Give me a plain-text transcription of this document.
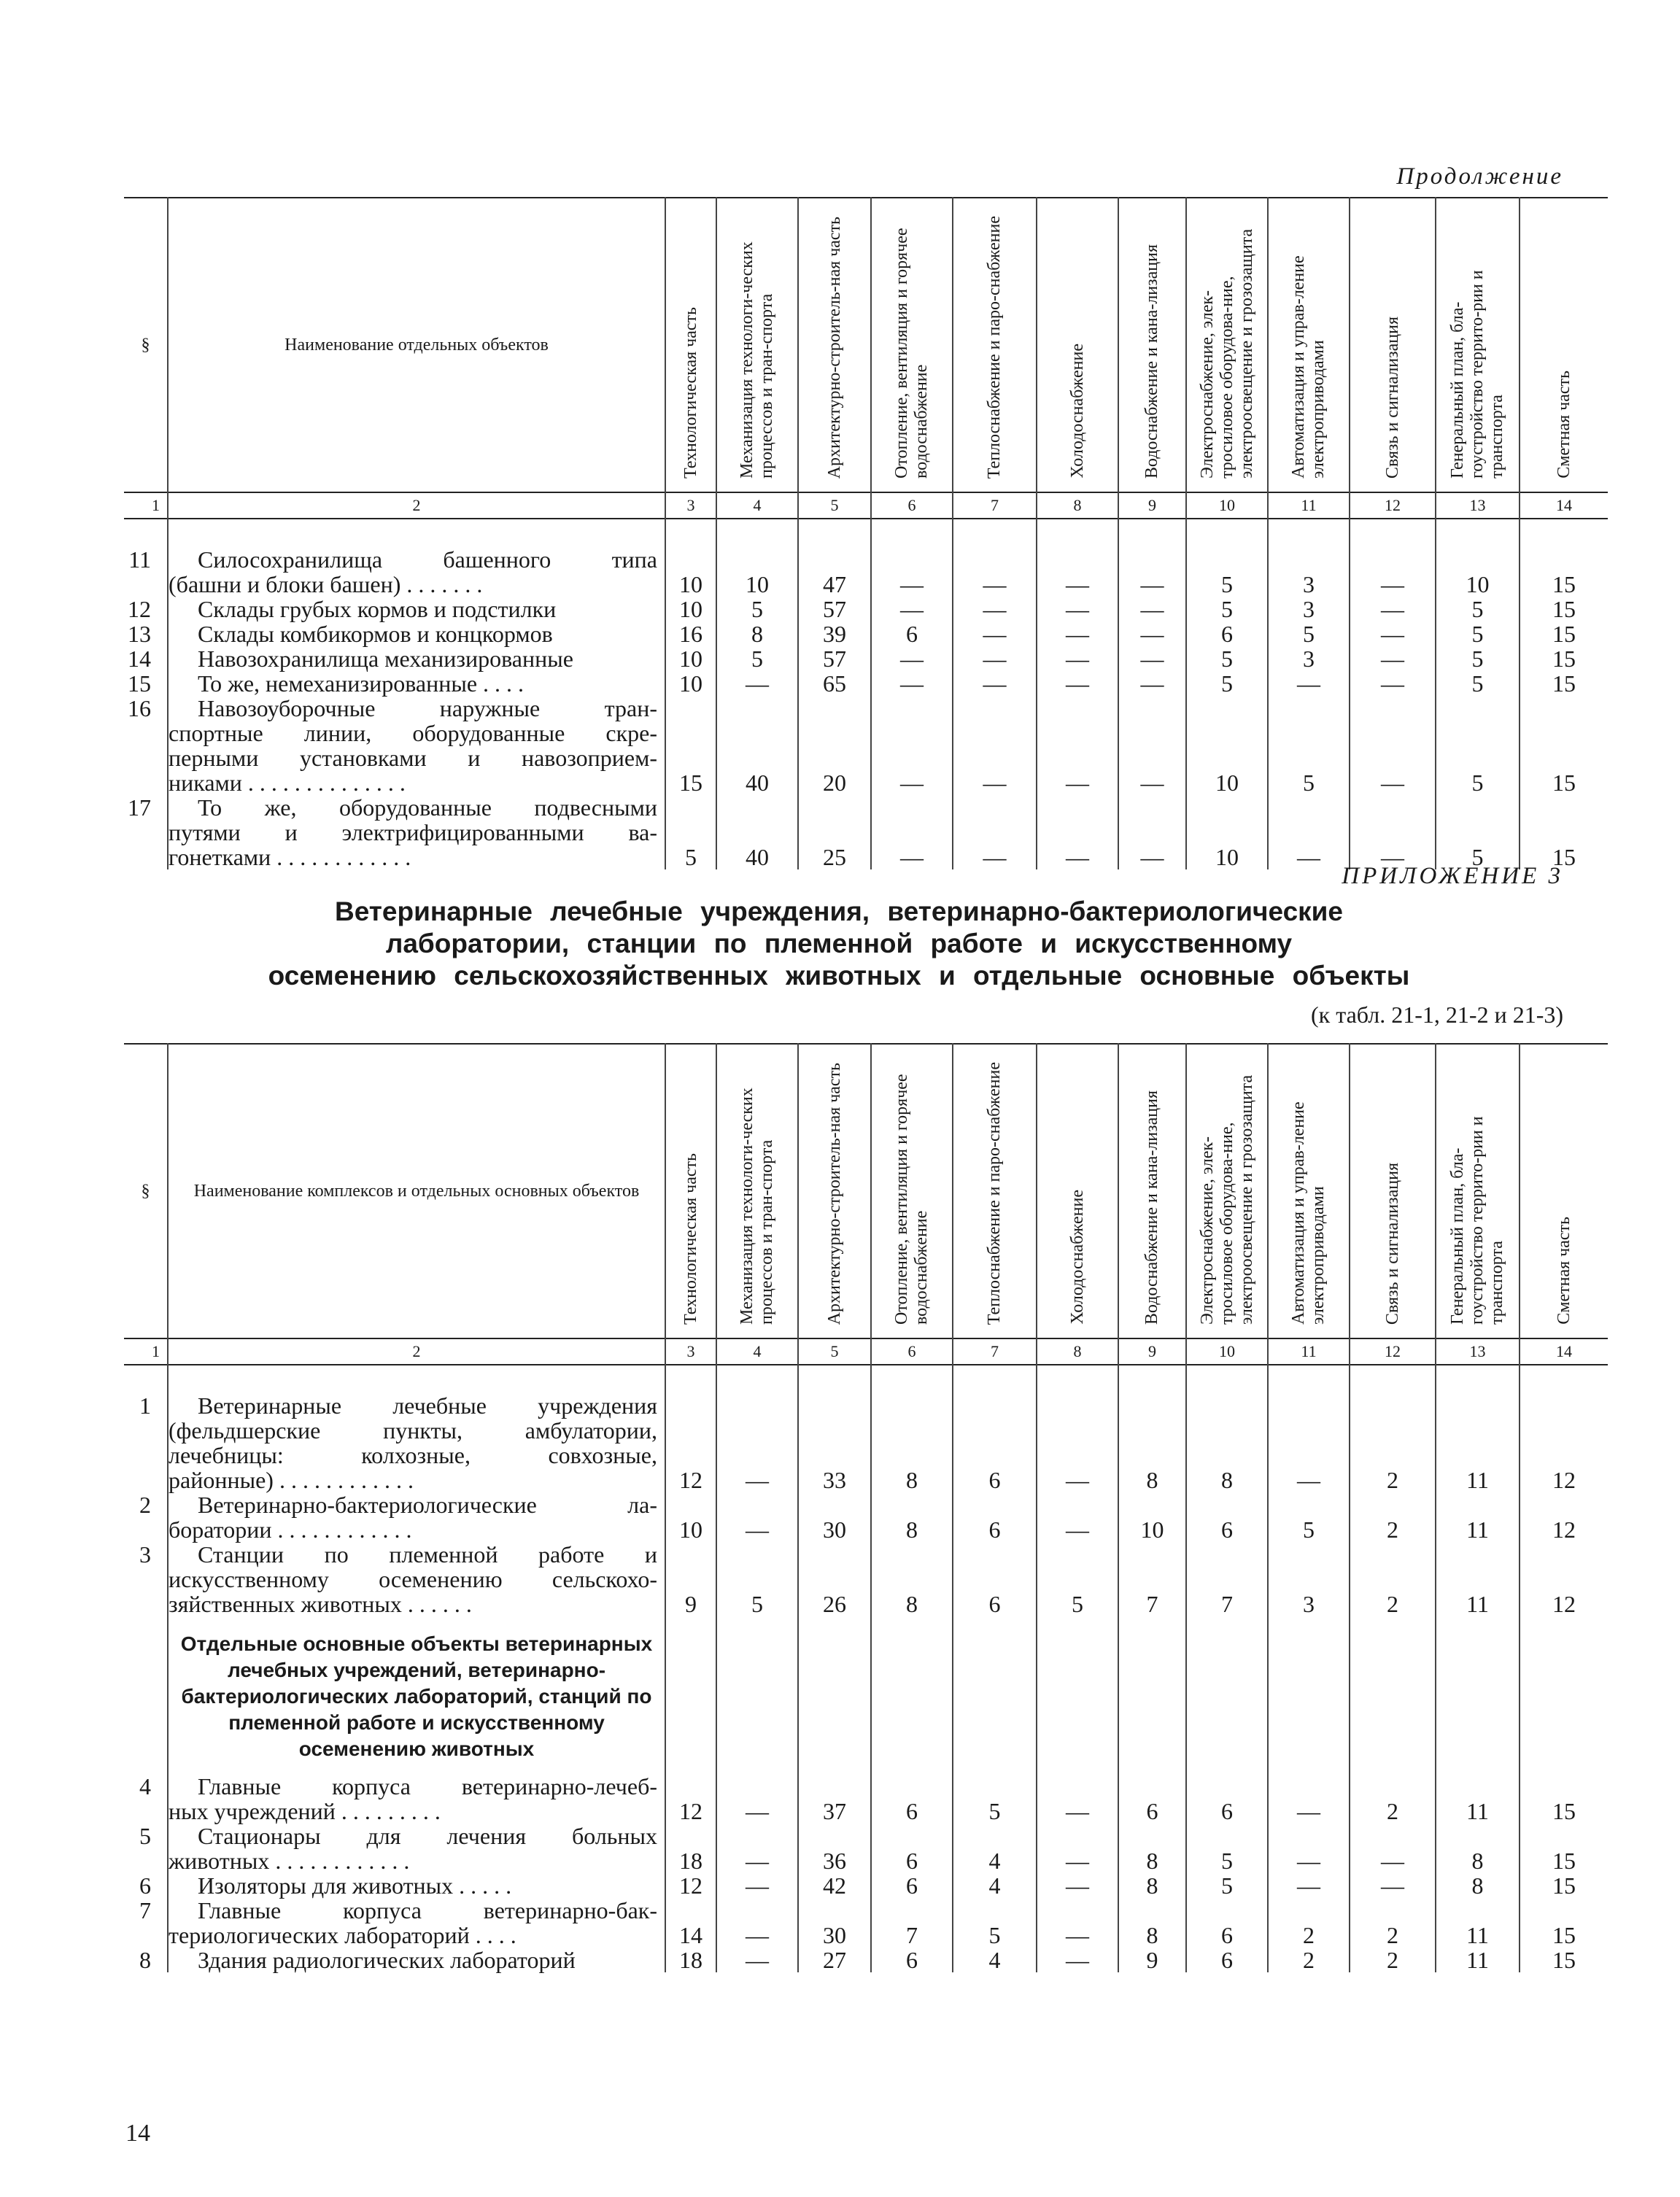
Продолжение
§	Наименование отдельных объектов	Технологическая часть	Механизация технологи-ческих процессов и тран-спорта	Архитектурно-строитель-ная часть	Отопление, вентиляция и горячее водоснабжение	Теплоснабжение и паро-снабжение	Холодоснабжение	Водоснабжение и кана-лизация	Электроснабжение, элек-тросиловое оборудова-ние, электроосвещение и грозозащита	Автоматизация и управ-ление электроприводами	Связь и сигнализация	Генеральный план, бла-гоустройство террито-рии и транспорта	Сметная часть
1	2	3	4	5	6	7	8	9	10	11	12	13	14

11	Силосохранилища башенного типа
(башни и блоки башен) . . . . . . .	10	10	47	—	—	—	—	5	3	—	10	15
12	Склады грубых кормов и подстилки	10	5	57	—	—	—	—	5	3	—	5	15
13	Склады комбикормов и концкормов	16	8	39	6	—	—	—	6	5	—	5	15
14	Навозохранилища механизированные	10	5	57	—	—	—	—	5	3	—	5	15
15	То же, немеханизированные . . . .	10	—	65	—	—	—	—	5	—	—	5	15
16	Навозоуборочные наружные тран-
спортные линии, оборудованные скре-
перными установками и навозоприем-
никами . . . . . . . . . . . . . .	15	40	20	—	—	—	—	10	5	—	5	15
17	То же, оборудованные подвесными
путями и электрифицированными ва-
гонетками . . . . . . . . . . . .	5	40	25	—	—	—	—	10	—	—	5	15
ПРИЛОЖЕНИЕ 3
Ветеринарные лечебные учреждения, ветеринарно-бактериологические
лаборатории, станции по племенной работе и искусственному
осеменению сельскохозяйственных животных и отдельные основные объекты
(к табл. 21-1, 21-2 и 21-3)
§	Наименование комплексов и отдельных основных объектов	Технологическая часть	Механизация технологи-ческих процессов и тран-спорта	Архитектурно-строитель-ная часть	Отопление, вентиляция и горячее водоснабжение	Теплоснабжение и паро-снабжение	Холодоснабжение	Водоснабжение и кана-лизация	Электроснабжение, элек-тросиловое оборудова-ние, электроосвещение и грозозащита	Автоматизация и управ-ление электроприводами	Связь и сигнализация	Генеральный план, бла-гоустройство террито-рии и транспорта	Сметная часть
1	2	3	4	5	6	7	8	9	10	11	12	13	14

1	Ветеринарные лечебные учреждения
(фельдшерские пункты, амбулатории,
лечебницы: колхозные, совхозные,
районные) . . . . . . . . . . . .	12	—	33	8	6	—	8	8	—	2	11	12
2	Ветеринарно-бактериологические ла-
боратории . . . . . . . . . . . .	10	—	30	8	6	—	10	6	5	2	11	12
3	Станции по племенной работе и
искусственному осеменению сельскохо-
зяйственных животных . . . . . .	9	5	26	8	6	5	7	7	3	2	11	12
	Отдельные основные объекты ветеринарных лечебных учреждений, ветеринарно-бактериологических лабораторий, станций по племенной работе и искусственному осеменению животных												
4	Главные корпуса ветеринарно-лечеб-
ных учреждений . . . . . . . . .	12	—	37	6	5	—	6	6	—	2	11	15
5	Стационары для лечения больных
животных . . . . . . . . . . . .	18	—	36	6	4	—	8	5	—	—	8	15
6	Изоляторы для животных . . . . .	12	—	42	6	4	—	8	5	—	—	8	15
7	Главные корпуса ветеринарно-бак-
териологических лабораторий . . . .	14	—	30	7	5	—	8	6	2	2	11	15
8	Здания радиологических лабораторий	18	—	27	6	4	—	9	6	2	2	11	15
14
